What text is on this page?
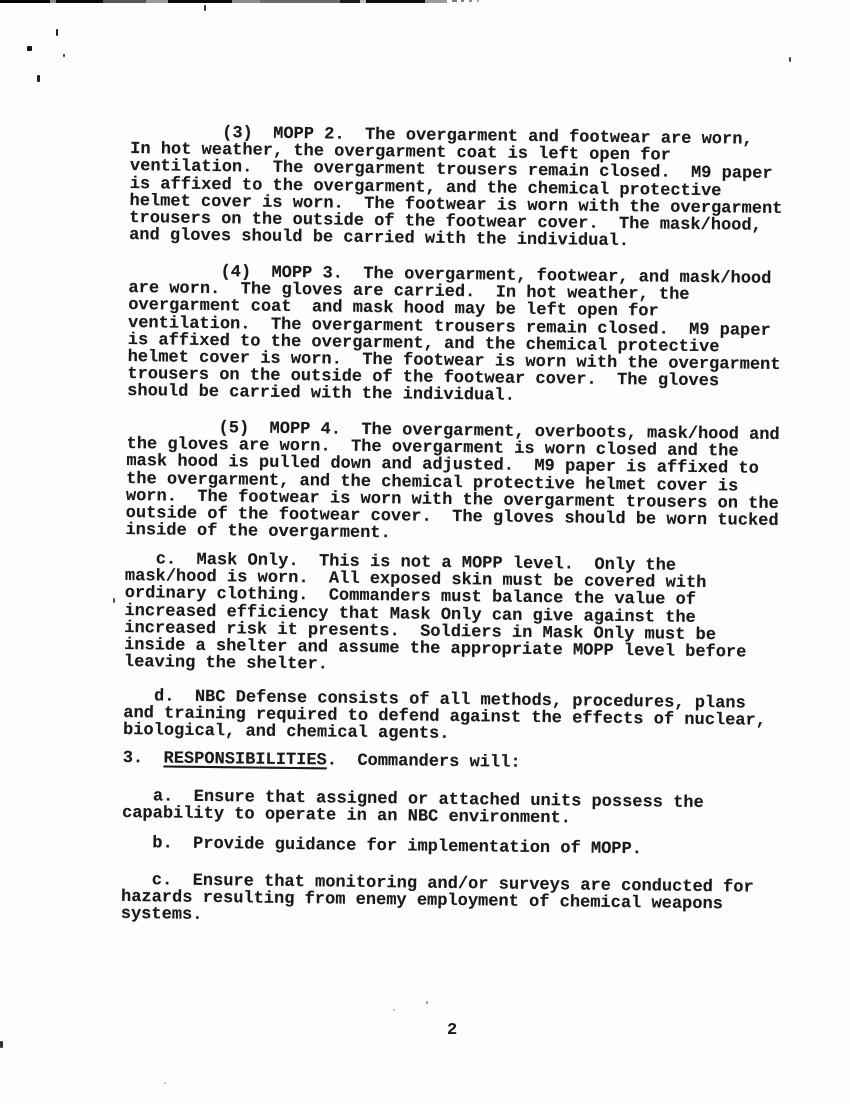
(3)  MOPP 2.  The overgarment and footwear are worn,
In hot weather, the overgarment coat is left open for
ventilation.  The overgarment trousers remain closed.  M9 paper
is affixed to the overgarment, and the chemical protective
helmet cover is worn.  The footwear is worn with the overgarment
trousers on the outside of the footwear cover.  The mask/hood,
and gloves should be carried with the individual.
(4)  MOPP 3.  The overgarment, footwear, and mask/hood
are worn.  The gloves are carried.  In hot weather, the
overgarment coat  and mask hood may be left open for
ventilation.  The overgarment trousers remain closed.  M9 paper
is affixed to the overgarment, and the chemical protective
helmet cover is worn.  The footwear is worn with the overgarment
trousers on the outside of the footwear cover.  The gloves
should be carried with the individual.
(5)  MOPP 4.  The overgarment, overboots, mask/hood and
the gloves are worn.  The overgarment is worn closed and the
mask hood is pulled down and adjusted.  M9 paper is affixed to
the overgarment, and the chemical protective helmet cover is
worn.  The footwear is worn with the overgarment trousers on the
outside of the footwear cover.  The gloves should be worn tucked
inside of the overgarment.
c.  Mask Only.  This is not a MOPP level.  Only the
mask/hood is worn.  All exposed skin must be covered with
ordinary clothing.  Commanders must balance the value of
increased efficiency that Mask Only can give against the
increased risk it presents.  Soldiers in Mask Only must be
inside a shelter and assume the appropriate MOPP level before
leaving the shelter.
d.  NBC Defense consists of all methods, procedures, plans
and training required to defend against the effects of nuclear,
biological, and chemical agents.
3.  RESPONSIBILITIES.  Commanders will:
a.  Ensure that assigned or attached units possess the
capability to operate in an NBC environment.
b.  Provide guidance for implementation of MOPP.
c.  Ensure that monitoring and/or surveys are conducted for
hazards resulting from enemy employment of chemical weapons
systems.
2
